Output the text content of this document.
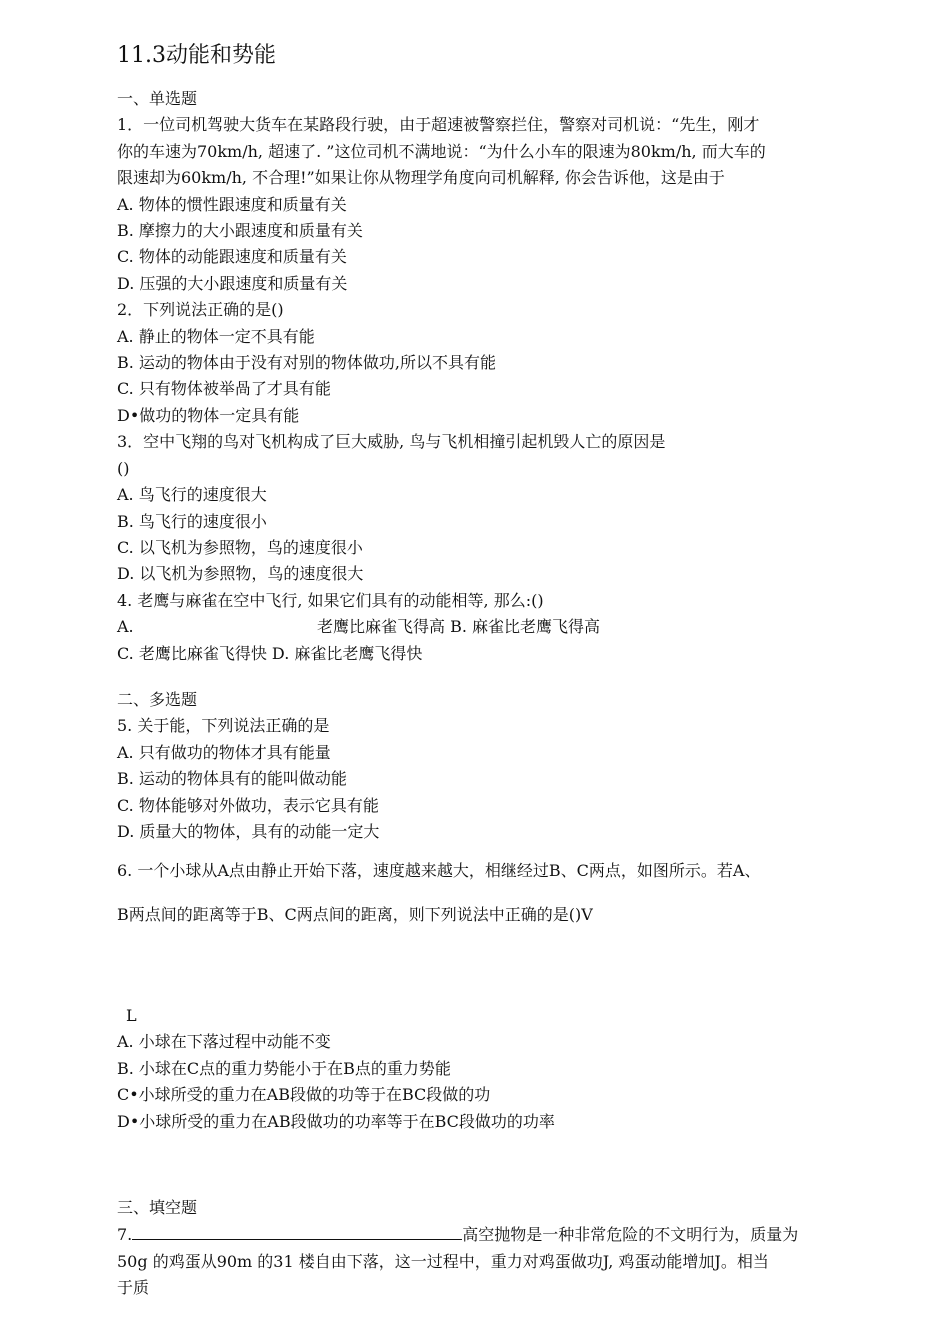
11.3动能和势能

一、单选题

1．一位司机驾驶大货车在某路段行驶，由于超速被警察拦住，警察对司机说：“先生，刚才

你的车速为70km/h, 超速了. ”这位司机不满地说：“为什么小车的限速为80km/h, 而大车的

限速却为60km/h, 不合理!”如果让你从物理学角度向司机解释, 你会告诉他，这是由于

A. 物体的惯性跟速度和质量有关

B. 摩擦力的大小跟速度和质量有关

C. 物体的动能跟速度和质量有关

D. 压强的大小跟速度和质量有关

2．下列说法正确的是()

A. 静止的物体一定不具有能

B. 运动的物体由于没有对别的物体做功,所以不具有能

C. 只有物体被举咼了才具有能

D•做功的物体一定具有能

3．空中飞翔的鸟对飞机构成了巨大威胁, 鸟与飞机相撞引起机毁人亡的原因是

()

A. 鸟飞行的速度很大

B. 鸟飞行的速度很小

C. 以飞机为参照物，鸟的速度很小

D. 以飞机为参照物，鸟的速度很大

4. 老鹰与麻雀在空中飞行, 如果它们具有的动能相等, 那么:()

A.	老鹰比麻雀飞得高 B. 麻雀比老鹰飞得高

C. 老鹰比麻雀飞得快 D. 麻雀比老鹰飞得快

二、多选题

5. 关于能，下列说法正确的是

A. 只有做功的物体才具有能量

B. 运动的物体具有的能叫做动能

C. 物体能够对外做功，表示它具有能

D. 质量大的物体，具有的动能一定大

6. 一个小球从A点由静止开始下落，速度越来越大，相继经过B、C两点，如图所示。若A、

B两点间的距离等于B、C两点间的距离，则下列说法中正确的是()V

L

A. 小球在下落过程中动能不变

B. 小球在C点的重力势能小于在B点的重力势能

C•小球所受的重力在AB段做的功等于在BC段做的功

D•小球所受的重力在AB段做功的功率等于在BC段做功的功率

三、填空题

7.	高空抛物是一种非常危险的不文明行为，质量为

50g 的鸡蛋从90m 的31 楼自由下落，这一过程中，重力对鸡蛋做功J, 鸡蛋动能增加J。相当

于质
